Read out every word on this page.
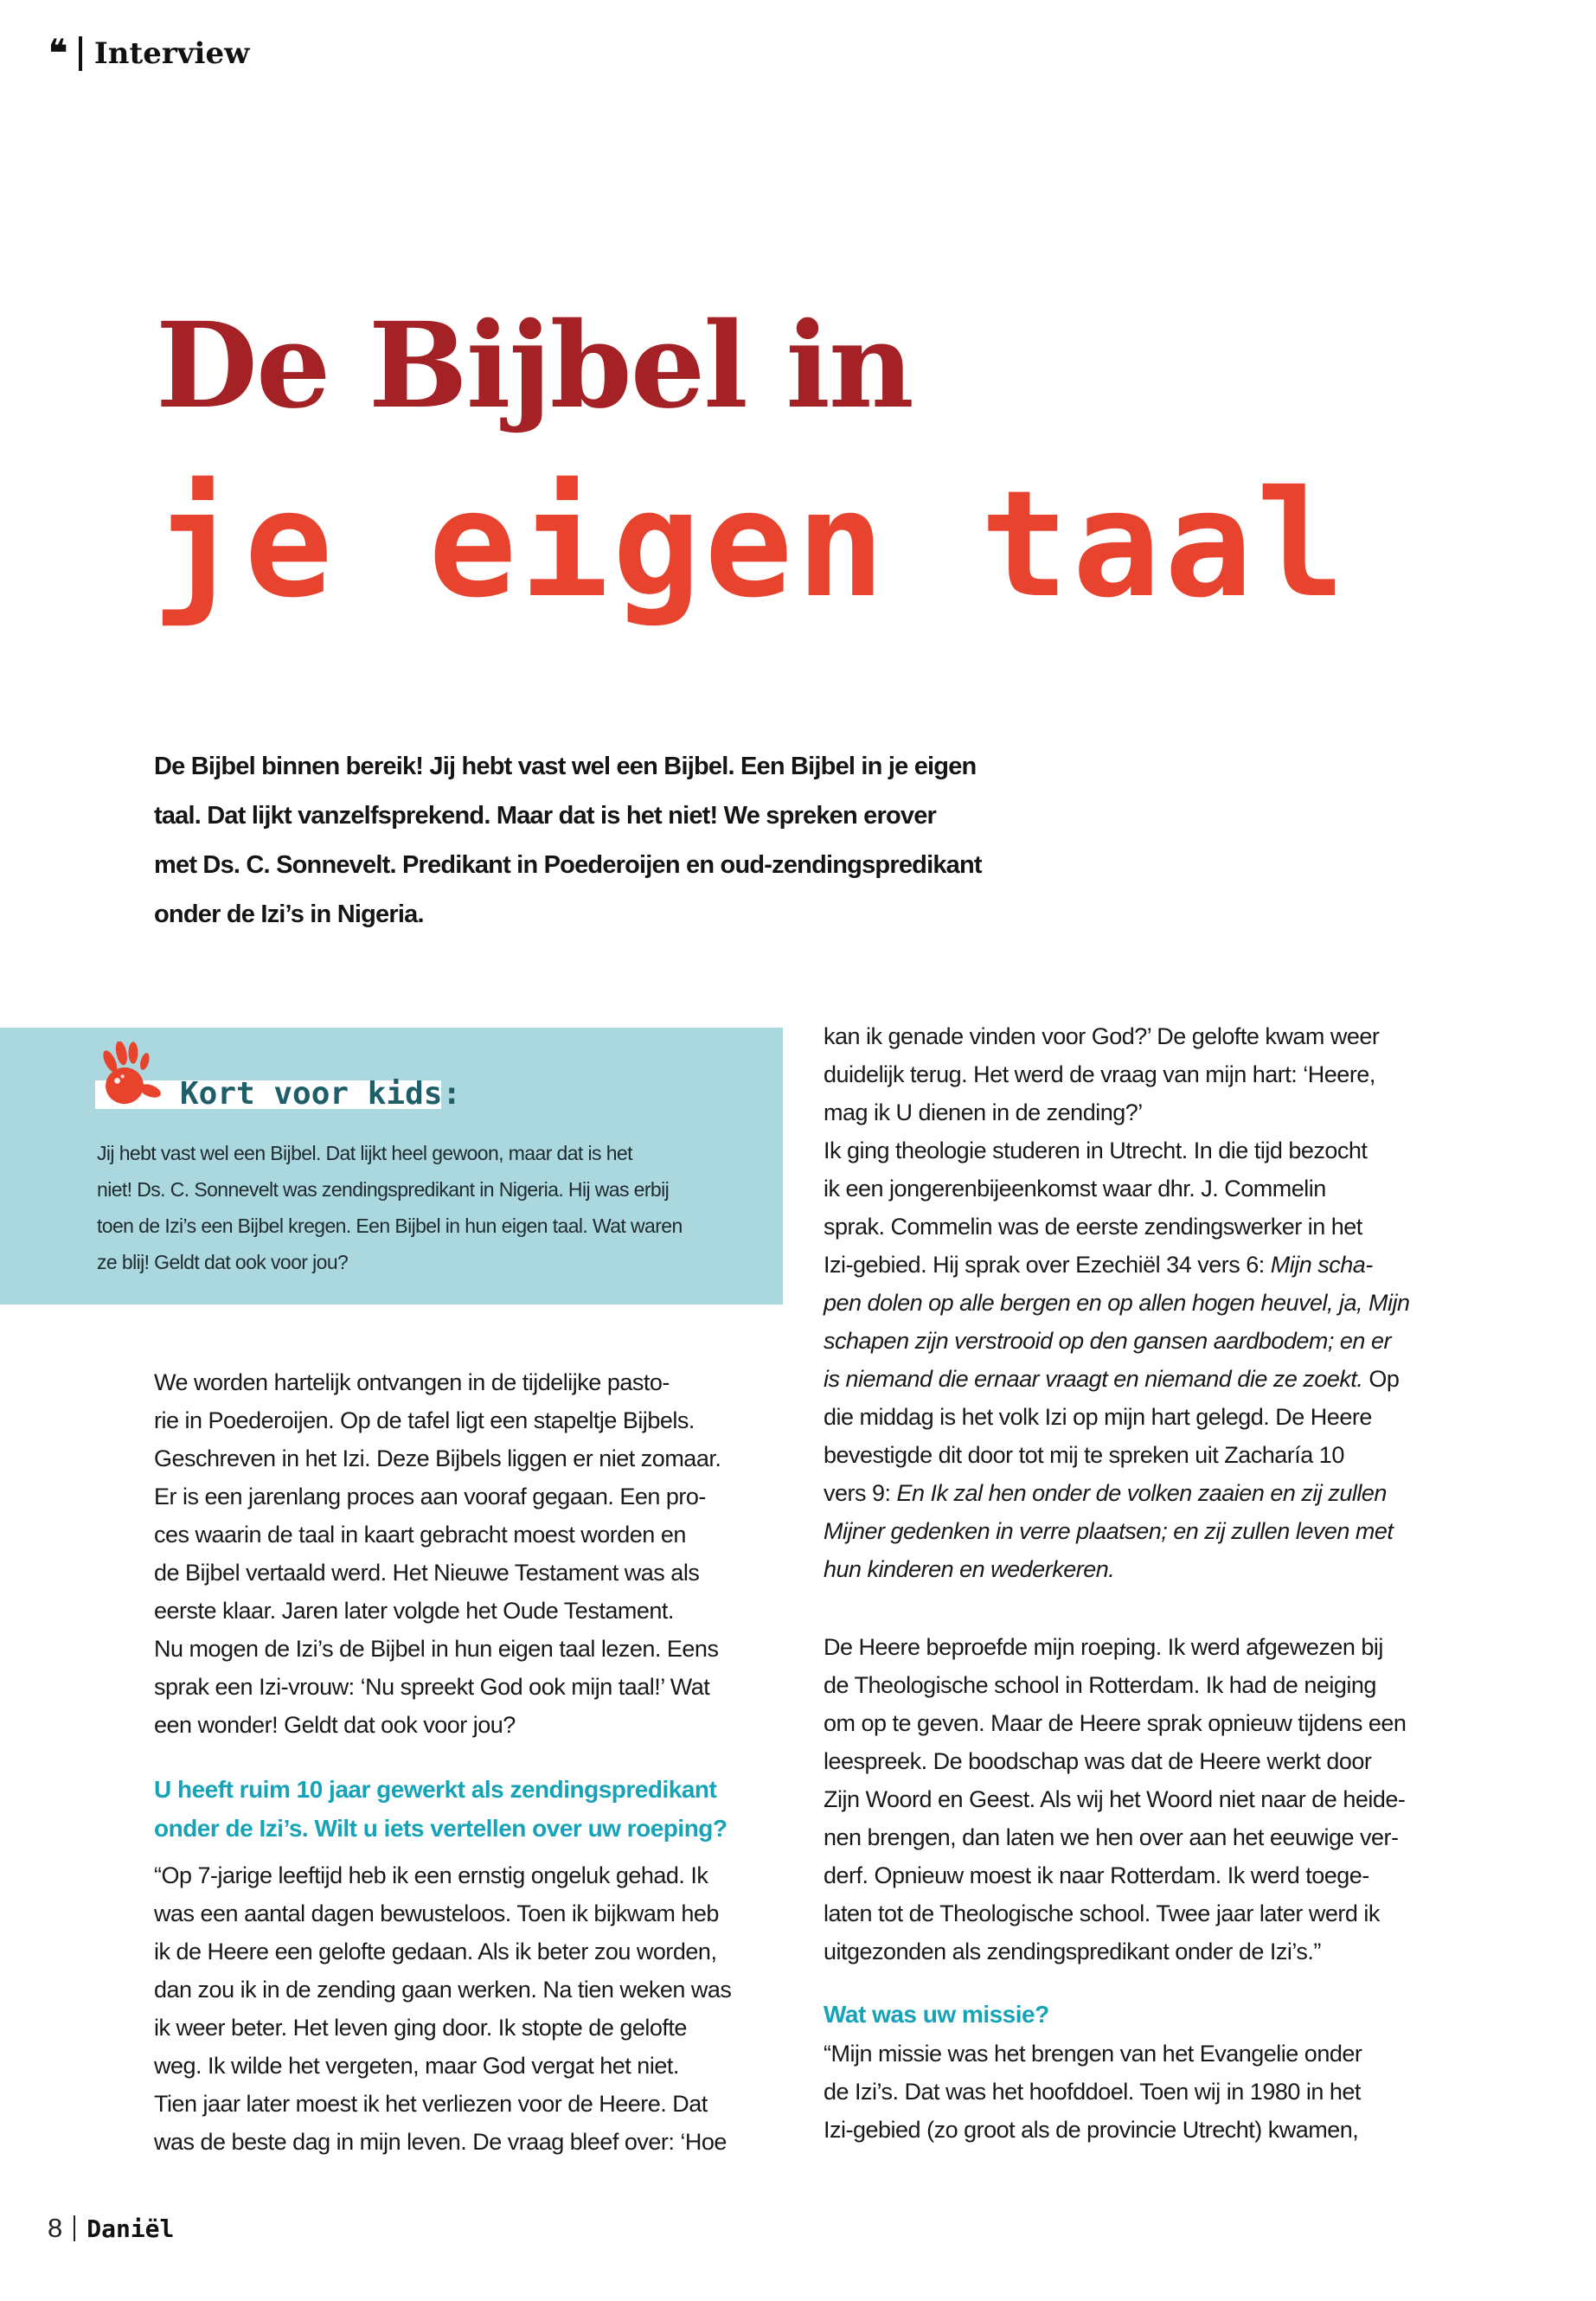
❛❛ Interview
De Bijbel in
je eigen taal
De Bijbel binnen bereik! Jij hebt vast wel een Bijbel. Een Bijbel in je eigen
taal. Dat lijkt vanzelfsprekend. Maar dat is het niet! We spreken erover
met Ds. C. Sonnevelt. Predikant in Poederoijen en oud-zendingspredikant
onder de Izi’s in Nigeria.
Kort voor kids:
Jij hebt vast wel een Bijbel. Dat lijkt heel gewoon, maar dat is het
niet! Ds. C. Sonnevelt was zendingspredikant in Nigeria. Hij was erbij
toen de Izi’s een Bijbel kregen. Een Bijbel in hun eigen taal. Wat waren
ze blij! Geldt dat ook voor jou?
We worden hartelijk ontvangen in de tijdelijke pasto-
rie in Poederoijen. Op de tafel ligt een stapeltje Bijbels.
Geschreven in het Izi. Deze Bijbels liggen er niet zomaar.
Er is een jarenlang proces aan vooraf gegaan. Een pro-
ces waarin de taal in kaart gebracht moest worden en
de Bijbel vertaald werd. Het Nieuwe Testament was als
eerste klaar. Jaren later volgde het Oude Testament.
Nu mogen de Izi’s de Bijbel in hun eigen taal lezen. Eens
sprak een Izi-vrouw: ‘Nu spreekt God ook mijn taal!’ Wat
een wonder! Geldt dat ook voor jou?
U heeft ruim 10 jaar gewerkt als zendingspredikant
onder de Izi’s. Wilt u iets vertellen over uw roeping?
“Op 7-jarige leeftijd heb ik een ernstig ongeluk gehad. Ik
was een aantal dagen bewusteloos. Toen ik bijkwam heb
ik de Heere een gelofte gedaan. Als ik beter zou worden,
dan zou ik in de zending gaan werken. Na tien weken was
ik weer beter. Het leven ging door. Ik stopte de gelofte
weg. Ik wilde het vergeten, maar God vergat het niet.
Tien jaar later moest ik het verliezen voor de Heere. Dat
was de beste dag in mijn leven. De vraag bleef over: ‘Hoe
kan ik genade vinden voor God?’ De gelofte kwam weer
duidelijk terug. Het werd de vraag van mijn hart: ‘Heere,
mag ik U dienen in de zending?’
Ik ging theologie studeren in Utrecht. In die tijd bezocht
ik een jongerenbijeenkomst waar dhr. J. Commelin
sprak. Commelin was de eerste zendingswerker in het
Izi-gebied. Hij sprak over Ezechiël 34 vers 6: Mijn scha-
pen dolen op alle bergen en op allen hogen heuvel, ja, Mijn
schapen zijn verstrooid op den gansen aardbodem; en er
is niemand die ernaar vraagt en niemand die ze zoekt. Op
die middag is het volk Izi op mijn hart gelegd. De Heere
bevestigde dit door tot mij te spreken uit Zacharía 10
vers 9: En Ik zal hen onder de volken zaaien en zij zullen
Mijner gedenken in verre plaatsen; en zij zullen leven met
hun kinderen en wederkeren.
De Heere beproefde mijn roeping. Ik werd afgewezen bij
de Theologische school in Rotterdam. Ik had de neiging
om op te geven. Maar de Heere sprak opnieuw tijdens een
leespreek. De boodschap was dat de Heere werkt door
Zijn Woord en Geest. Als wij het Woord niet naar de heide-
nen brengen, dan laten we hen over aan het eeuwige ver-
derf. Opnieuw moest ik naar Rotterdam. Ik werd toege-
laten tot de Theologische school. Twee jaar later werd ik
uitgezonden als zendingspredikant onder de Izi’s.”
Wat was uw missie?
“Mijn missie was het brengen van het Evangelie onder
de Izi’s. Dat was het hoofddoel. Toen wij in 1980 in het
Izi-gebied (zo groot als de provincie Utrecht) kwamen,
8 Daniël
